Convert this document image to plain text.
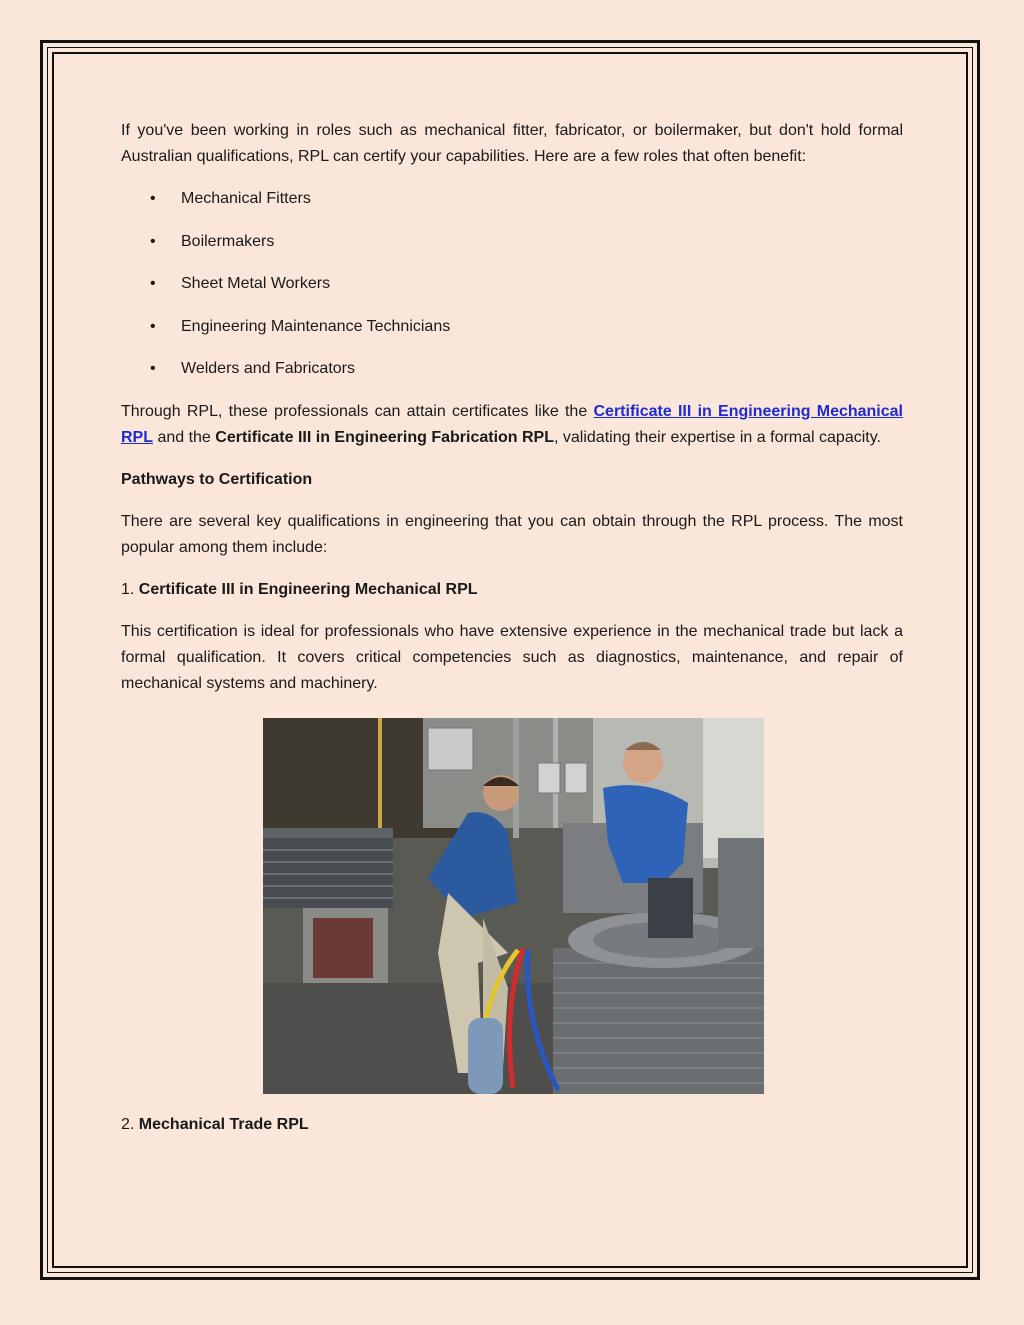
If you've been working in roles such as mechanical fitter, fabricator, or boilermaker, but don't hold formal Australian qualifications, RPL can certify your capabilities. Here are a few roles that often benefit:

• Mechanical Fitters
• Boilermakers
• Sheet Metal Workers
• Engineering Maintenance Technicians
• Welders and Fabricators

Through RPL, these professionals can attain certificates like the Certificate III in Engineering Mechanical RPL and the Certificate III in Engineering Fabrication RPL, validating their expertise in a formal capacity.

Pathways to Certification

There are several key qualifications in engineering that you can obtain through the RPL process. The most popular among them include:

1. Certificate III in Engineering Mechanical RPL

This certification is ideal for professionals who have extensive experience in the mechanical trade but lack a formal qualification. It covers critical competencies such as diagnostics, maintenance, and repair of mechanical systems and machinery.

2. Mechanical Trade RPL
